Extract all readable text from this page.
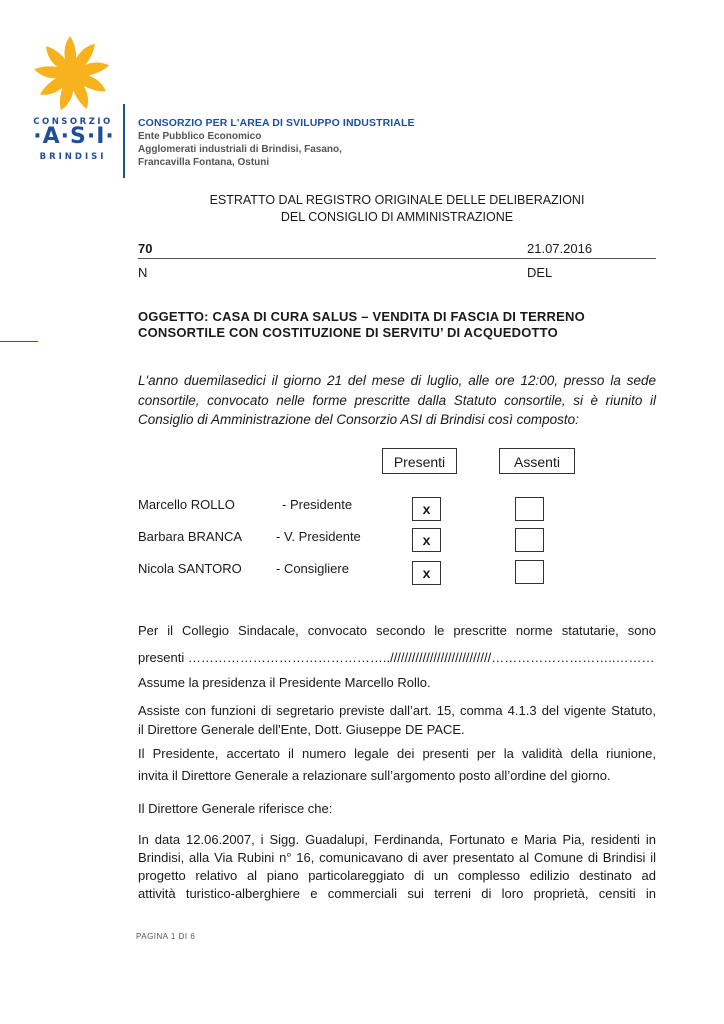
CONSORZIO
·A·S·I·
BRINDISI
CONSORZIO PER L'AREA DI SVILUPPO INDUSTRIALE
Ente Pubblico Economico
Agglomerati industriali di Brindisi, Fasano,
Francavilla Fontana, Ostuni
ESTRATTO DAL REGISTRO ORIGINALE DELLE DELIBERAZIONI
DEL CONSIGLIO DI AMMINISTRAZIONE
70	21.07.2016
N	DEL
OGGETTO: CASA DI CURA SALUS – VENDITA DI FASCIA DI TERRENO
CONSORTILE CON COSTITUZIONE DI SERVITU’ DI ACQUEDOTTO
L'anno duemilasedici il giorno 21 del mese di luglio, alle ore 12:00, presso la sede
consortile, convocato nelle forme prescritte dalla Statuto consortile, si è riunito il
Consiglio di Amministrazione del Consorzio ASI di Brindisi così composto:
Presenti	Assenti
Marcello ROLLO	- Presidente	x
Barbara BRANCA	- V. Presidente	x
Nicola SANTORO	- Consigliere	x
Per il Collegio Sindacale, convocato secondo le prescritte norme statutarie, sono
presenti ………………………………………..////////////////////////////………………………..………
Assume la presidenza il Presidente Marcello Rollo.
Assiste con funzioni di segretario previste dall’art. 15, comma 4.1.3 del vigente Statuto,
il Direttore Generale dell'Ente, Dott. Giuseppe DE PACE.
Il Presidente, accertato il numero legale dei presenti per la validità della riunione,
invita il Direttore Generale a relazionare sull’argomento posto all’ordine del giorno.
Il Direttore Generale riferisce che:
In data 12.06.2007, i Sigg. Guadalupi, Ferdinanda, Fortunato e Maria Pia, residenti in
Brindisi, alla Via Rubini n° 16, comunicavano di aver presentato al Comune di Brindisi il
progetto relativo al piano particolareggiato di un complesso edilizio destinato ad
attività turistico-alberghiere e commerciali sui terreni di loro proprietà, censiti in
PAGINA 1 DI 6
